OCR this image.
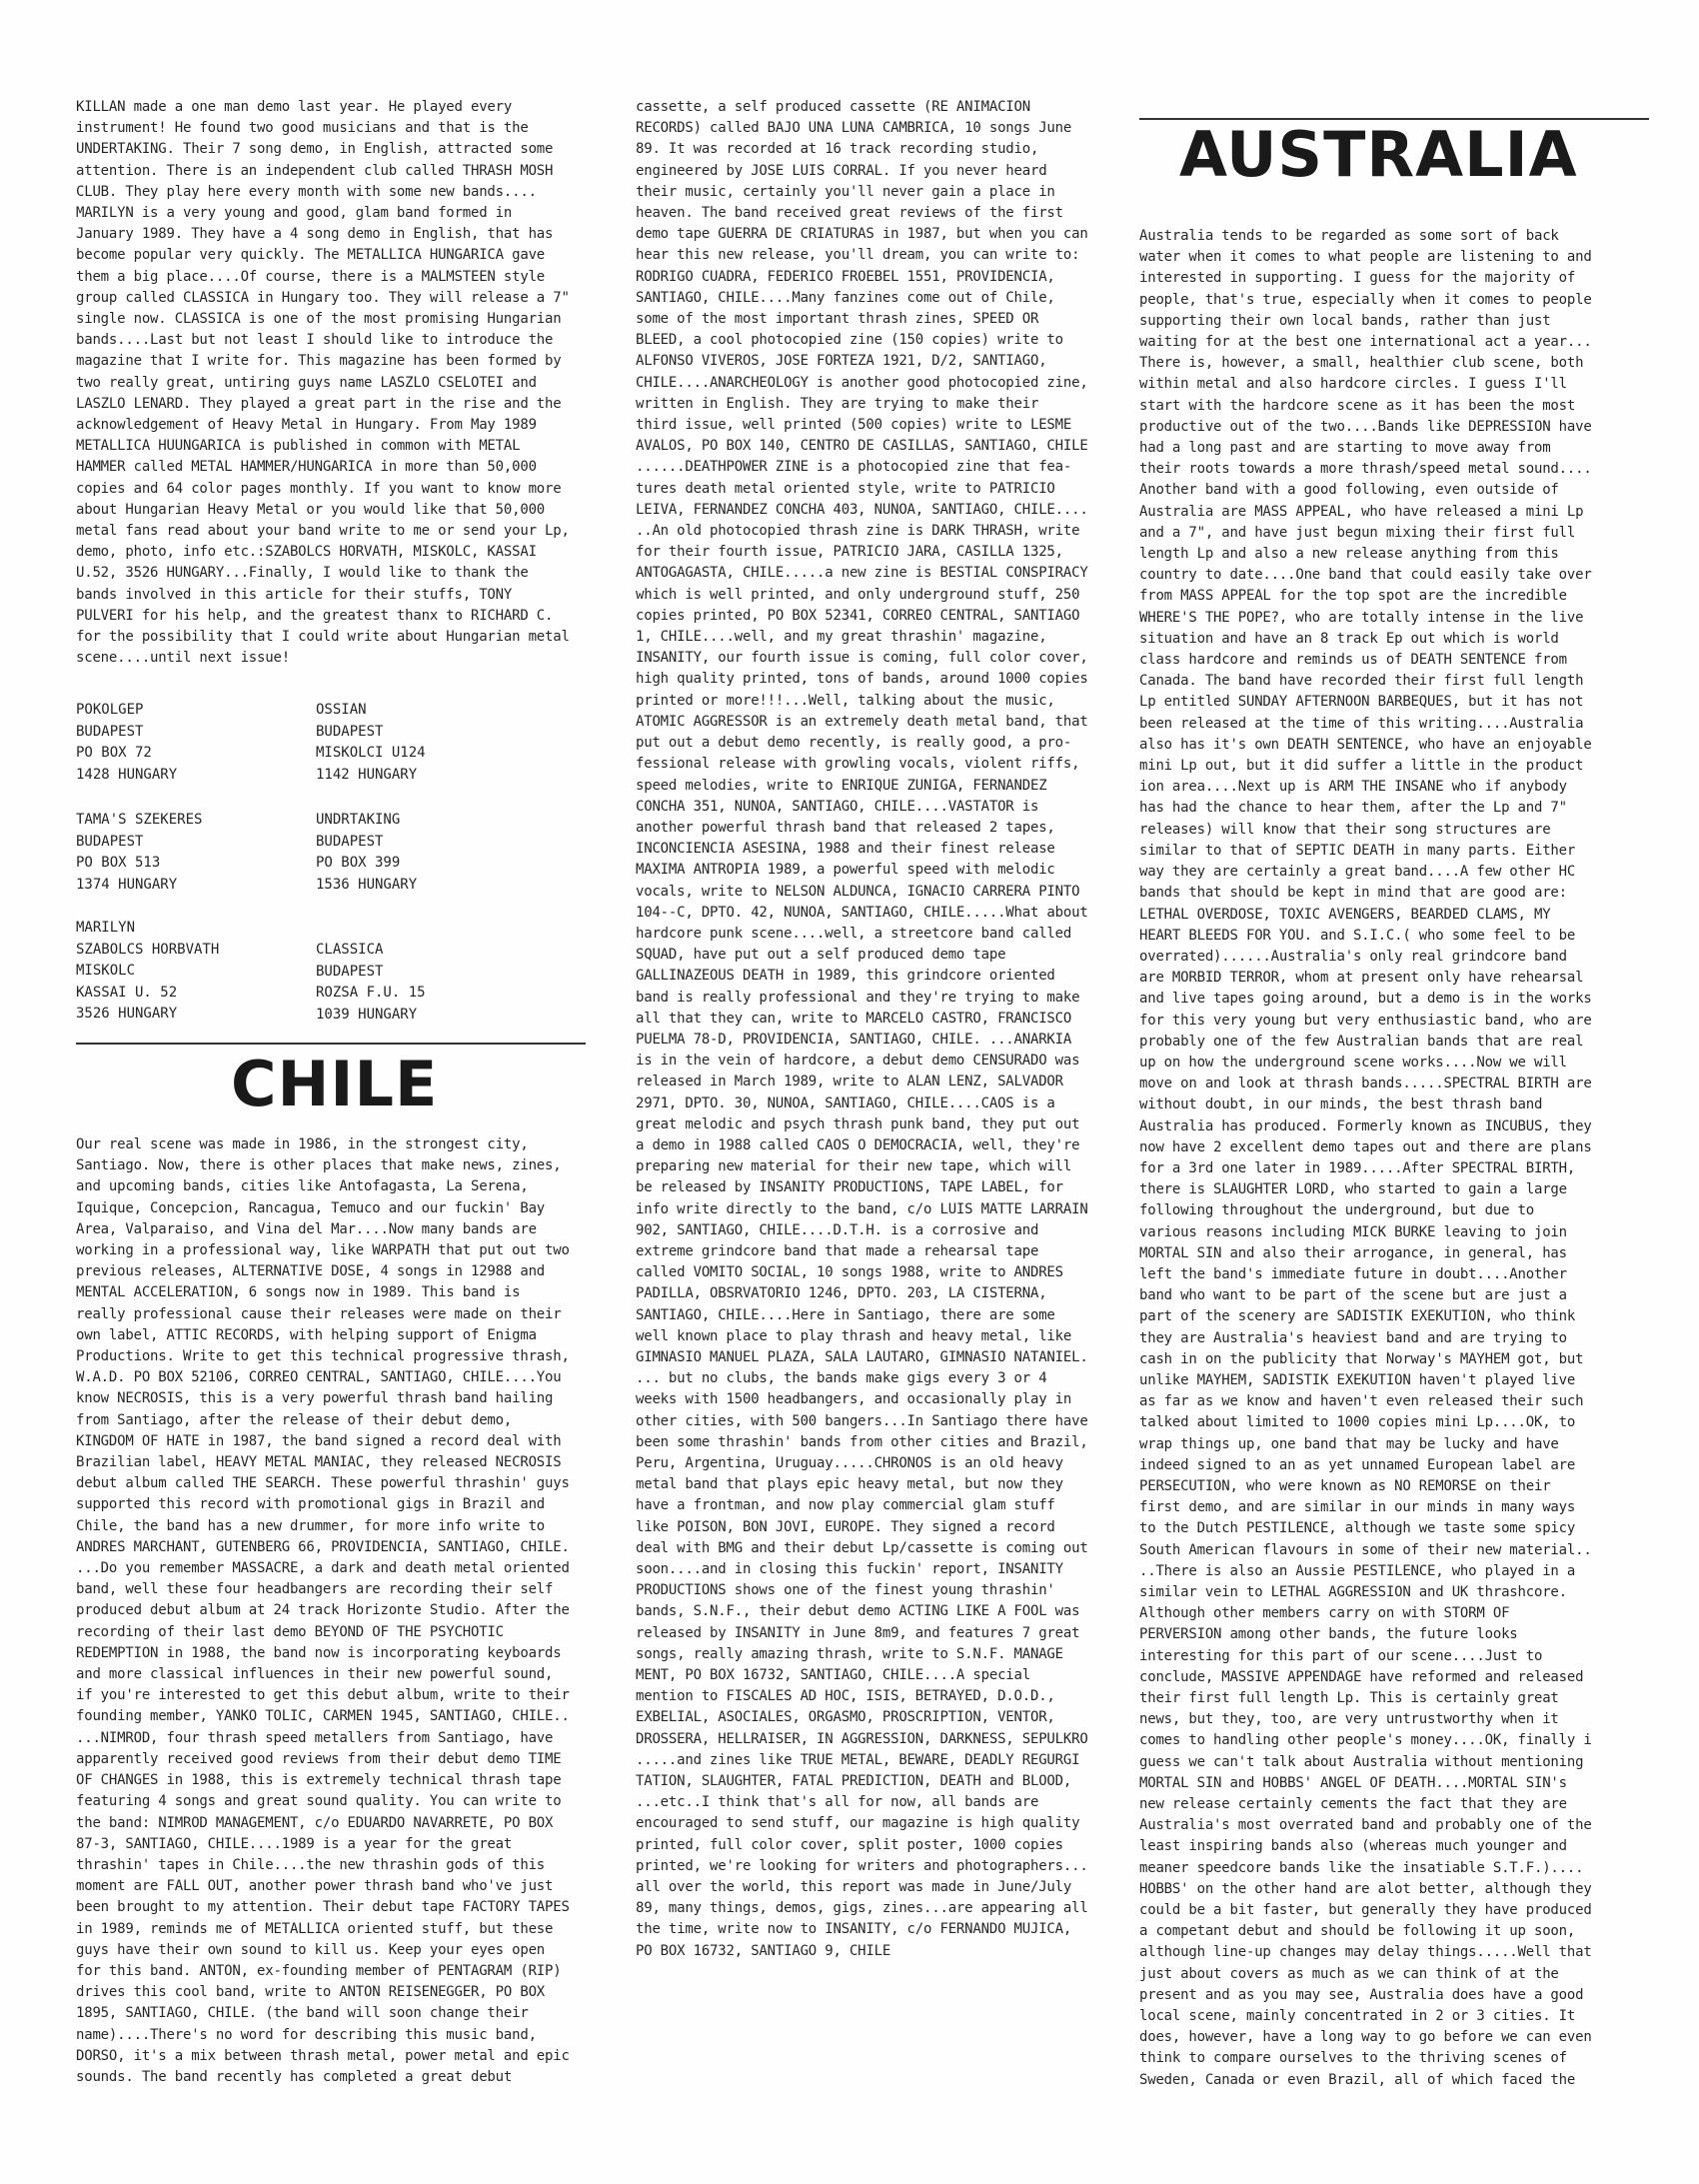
KILLAN made a one man demo last year. He played every
instrument! He found two good musicians and that is the
UNDERTAKING. Their 7 song demo, in English, attracted some
attention. There is an independent club called THRASH MOSH
CLUB. They play here every month with some new bands....
MARILYN is a very young and good, glam band formed in
January 1989. They have a 4 song demo in English, that has
become popular very quickly. The METALLICA HUNGARICA gave
them a big place....Of course, there is a MALMSTEEN style
group called CLASSICA in Hungary too. They will release a 7"
single now. CLASSICA is one of the most promising Hungarian
bands....Last but not least I should like to introduce the
magazine that I write for. This magazine has been formed by
two really great, untiring guys name LASZLO CSELOTEI and
LASZLO LENARD. They played a great part in the rise and the
acknowledgement of Heavy Metal in Hungary. From May 1989
METALLICA HUUNGARICA is published in common with METAL
HAMMER called METAL HAMMER/HUNGARICA in more than 50,000
copies and 64 color pages monthly. If you want to know more
about Hungarian Heavy Metal or you would like that 50,000
metal fans read about your band write to me or send your Lp,
demo, photo, info etc.:SZABOLCS HORVATH, MISKOLC, KASSAI
U.52, 3526 HUNGARY...Finally, I would like to thank the
bands involved in this article for their stuffs, TONY
PULVERI for his help, and the greatest thanx to RICHARD C.
for the possibility that I could write about Hungarian metal
scene....until next issue!

POKOLGEP
BUDAPEST
PO BOX 72
1428 HUNGARY
OSSIAN
BUDAPEST
MISKOLCI U124
1142 HUNGARY
TAMA'S SZEKERES
BUDAPEST
PO BOX 513
1374 HUNGARY
UNDRTAKING
BUDAPEST
PO BOX 399
1536 HUNGARY
MARILYN
SZABOLCS HORBVATH
MISKOLC
KASSAI U. 52
3526 HUNGARY
CLASSICA
BUDAPEST
ROZSA F.U. 15
1039 HUNGARY
CHILE

Our real scene was made in 1986, in the strongest city,
Santiago. Now, there is other places that make news, zines,
and upcoming bands, cities like Antofagasta, La Serena,
Iquique, Concepcion, Rancagua, Temuco and our fuckin' Bay
Area, Valparaiso, and Vina del Mar....Now many bands are
working in a professional way, like WARPATH that put out two
previous releases, ALTERNATIVE DOSE, 4 songs in 12988 and
MENTAL ACCELERATION, 6 songs now in 1989. This band is
really professional cause their releases were made on their
own label, ATTIC RECORDS, with helping support of Enigma
Productions. Write to get this technical progressive thrash,
W.A.D. PO BOX 52106, CORREO CENTRAL, SANTIAGO, CHILE....You
know NECROSIS, this is a very powerful thrash band hailing
from Santiago, after the release of their debut demo,
KINGDOM OF HATE in 1987, the band signed a record deal with
Brazilian label, HEAVY METAL MANIAC, they released NECROSIS
debut album called THE SEARCH. These powerful thrashin' guys
supported this record with promotional gigs in Brazil and
Chile, the band has a new drummer, for more info write to
ANDRES MARCHANT, GUTENBERG 66, PROVIDENCIA, SANTIAGO, CHILE.
...Do you remember MASSACRE, a dark and death metal oriented
band, well these four headbangers are recording their self
produced debut album at 24 track Horizonte Studio. After the
recording of their last demo BEYOND OF THE PSYCHOTIC
REDEMPTION in 1988, the band now is incorporating keyboards
and more classical influences in their new powerful sound,
if you're interested to get this debut album, write to their
founding member, YANKO TOLIC, CARMEN 1945, SANTIAGO, CHILE..
...NIMROD, four thrash speed metallers from Santiago, have
apparently received good reviews from their debut demo TIME
OF CHANGES in 1988, this is extremely technical thrash tape
featuring 4 songs and great sound quality. You can write to
the band: NIMROD MANAGEMENT, c/o EDUARDO NAVARRETE, PO BOX
87-3, SANTIAGO, CHILE....1989 is a year for the great
thrashin' tapes in Chile....the new thrashin gods of this
moment are FALL OUT, another power thrash band who've just
been brought to my attention. Their debut tape FACTORY TAPES
in 1989, reminds me of METALLICA oriented stuff, but these
guys have their own sound to kill us. Keep your eyes open
for this band. ANTON, ex-founding member of PENTAGRAM (RIP)
drives this cool band, write to ANTON REISENEGGER, PO BOX
1895, SANTIAGO, CHILE. (the band will soon change their
name)....There's no word for describing this music band,
DORSO, it's a mix between thrash metal, power metal and epic
sounds. The band recently has completed a great debut

cassette, a self produced cassette (RE ANIMACION
RECORDS) called BAJO UNA LUNA CAMBRICA, 10 songs June
89. It was recorded at 16 track recording studio,
engineered by JOSE LUIS CORRAL. If you never heard
their music, certainly you'll never gain a place in
heaven. The band received great reviews of the first
demo tape GUERRA DE CRIATURAS in 1987, but when you can
hear this new release, you'll dream, you can write to:
RODRIGO CUADRA, FEDERICO FROEBEL 1551, PROVIDENCIA,
SANTIAGO, CHILE....Many fanzines come out of Chile,
some of the most important thrash zines, SPEED OR
BLEED, a cool photocopied zine (150 copies) write to
ALFONSO VIVEROS, JOSE FORTEZA 1921, D/2, SANTIAGO,
CHILE....ANARCHEOLOGY is another good photocopied zine,
written in English. They are trying to make their
third issue, well printed (500 copies) write to LESME
AVALOS, PO BOX 140, CENTRO DE CASILLAS, SANTIAGO, CHILE
......DEATHPOWER ZINE is a photocopied zine that fea-
tures death metal oriented style, write to PATRICIO
LEIVA, FERNANDEZ CONCHA 403, NUNOA, SANTIAGO, CHILE....
..An old photocopied thrash zine is DARK THRASH, write
for their fourth issue, PATRICIO JARA, CASILLA 1325,
ANTOGAGASTA, CHILE.....a new zine is BESTIAL CONSPIRACY
which is well printed, and only underground stuff, 250
copies printed, PO BOX 52341, CORREO CENTRAL, SANTIAGO
1, CHILE....well, and my great thrashin' magazine,
INSANITY, our fourth issue is coming, full color cover,
high quality printed, tons of bands, around 1000 copies
printed or more!!!...Well, talking about the music,
ATOMIC AGGRESSOR is an extremely death metal band, that
put out a debut demo recently, is really good, a pro-
fessional release with growling vocals, violent riffs,
speed melodies, write to ENRIQUE ZUNIGA, FERNANDEZ
CONCHA 351, NUNOA, SANTIAGO, CHILE....VASTATOR is
another powerful thrash band that released 2 tapes,
INCONCIENCIA ASESINA, 1988 and their finest release
MAXIMA ANTROPIA 1989, a powerful speed with melodic
vocals, write to NELSON ALDUNCA, IGNACIO CARRERA PINTO
104--C, DPTO. 42, NUNOA, SANTIAGO, CHILE.....What about
hardcore punk scene....well, a streetcore band called
SQUAD, have put out a self produced demo tape
GALLINAZEOUS DEATH in 1989, this grindcore oriented
band is really professional and they're trying to make
all that they can, write to MARCELO CASTRO, FRANCISCO
PUELMA 78-D, PROVIDENCIA, SANTIAGO, CHILE. ...ANARKIA
is in the vein of hardcore, a debut demo CENSURADO was
released in March 1989, write to ALAN LENZ, SALVADOR
2971, DPTO. 30, NUNOA, SANTIAGO, CHILE....CAOS is a
great melodic and psych thrash punk band, they put out
a demo in 1988 called CAOS O DEMOCRACIA, well, they're
preparing new material for their new tape, which will
be released by INSANITY PRODUCTIONS, TAPE LABEL, for
info write directly to the band, c/o LUIS MATTE LARRAIN
902, SANTIAGO, CHILE....D.T.H. is a corrosive and
extreme grindcore band that made a rehearsal tape
called VOMITO SOCIAL, 10 songs 1988, write to ANDRES
PADILLA, OBSRVATORIO 1246, DPTO. 203, LA CISTERNA,
SANTIAGO, CHILE....Here in Santiago, there are some
well known place to play thrash and heavy metal, like
GIMNASIO MANUEL PLAZA, SALA LAUTARO, GIMNASIO NATANIEL.
... but no clubs, the bands make gigs every 3 or 4
weeks with 1500 headbangers, and occasionally play in
other cities, with 500 bangers...In Santiago there have
been some thrashin' bands from other cities and Brazil,
Peru, Argentina, Uruguay.....CHRONOS is an old heavy
metal band that plays epic heavy metal, but now they
have a frontman, and now play commercial glam stuff
like POISON, BON JOVI, EUROPE. They signed a record
deal with BMG and their debut Lp/cassette is coming out
soon....and in closing this fuckin' report, INSANITY
PRODUCTIONS shows one of the finest young thrashin'
bands, S.N.F., their debut demo ACTING LIKE A FOOL was
released by INSANITY in June 8m9, and features 7 great
songs, really amazing thrash, write to S.N.F. MANAGE
MENT, PO BOX 16732, SANTIAGO, CHILE....A special
mention to FISCALES AD HOC, ISIS, BETRAYED, D.O.D.,
EXBELIAL, ASOCIALES, ORGASMO, PROSCRIPTION, VENTOR,
DROSSERA, HELLRAISER, IN AGGRESSION, DARKNESS, SEPULKRO
.....and zines like TRUE METAL, BEWARE, DEADLY REGURGI
TATION, SLAUGHTER, FATAL PREDICTION, DEATH and BLOOD,
...etc..I think that's all for now, all bands are
encouraged to send stuff, our magazine is high quality
printed, full color cover, split poster, 1000 copies
printed, we're looking for writers and photographers...
all over the world, this report was made in June/July
89, many things, demos, gigs, zines...are appearing all
the time, write now to INSANITY, c/o FERNANDO MUJICA,
PO BOX 16732, SANTIAGO 9, CHILE

AUSTRALIA

Australia tends to be regarded as some sort of back
water when it comes to what people are listening to and
interested in supporting. I guess for the majority of
people, that's true, especially when it comes to people
supporting their own local bands, rather than just
waiting for at the best one international act a year...
There is, however, a small, healthier club scene, both
within metal and also hardcore circles. I guess I'll
start with the hardcore scene as it has been the most
productive out of the two....Bands like DEPRESSION have
had a long past and are starting to move away from
their roots towards a more thrash/speed metal sound....
Another band with a good following, even outside of
Australia are MASS APPEAL, who have released a mini Lp
and a 7", and have just begun mixing their first full
length Lp and also a new release anything from this
country to date....One band that could easily take over
from MASS APPEAL for the top spot are the incredible
WHERE'S THE POPE?, who are totally intense in the live
situation and have an 8 track Ep out which is world
class hardcore and reminds us of DEATH SENTENCE from
Canada. The band have recorded their first full length
Lp entitled SUNDAY AFTERNOON BARBEQUES, but it has not
been released at the time of this writing....Australia
also has it's own DEATH SENTENCE, who have an enjoyable
mini Lp out, but it did suffer a little in the product
ion area....Next up is ARM THE INSANE who if anybody
has had the chance to hear them, after the Lp and 7"
releases) will know that their song structures are
similar to that of SEPTIC DEATH in many parts. Either
way they are certainly a great band....A few other HC
bands that should be kept in mind that are good are:
LETHAL OVERDOSE, TOXIC AVENGERS, BEARDED CLAMS, MY
HEART BLEEDS FOR YOU. and S.I.C.( who some feel to be
overrated)......Australia's only real grindcore band
are MORBID TERROR, whom at present only have rehearsal
and live tapes going around, but a demo is in the works
for this very young but very enthusiastic band, who are
probably one of the few Australian bands that are real
up on how the underground scene works....Now we will
move on and look at thrash bands.....SPECTRAL BIRTH are
without doubt, in our minds, the best thrash band
Australia has produced. Formerly known as INCUBUS, they
now have 2 excellent demo tapes out and there are plans
for a 3rd one later in 1989.....After SPECTRAL BIRTH,
there is SLAUGHTER LORD, who started to gain a large
following throughout the underground, but due to
various reasons including MICK BURKE leaving to join
MORTAL SIN and also their arrogance, in general, has
left the band's immediate future in doubt....Another
band who want to be part of the scene but are just a
part of the scenery are SADISTIK EXEKUTION, who think
they are Australia's heaviest band and are trying to
cash in on the publicity that Norway's MAYHEM got, but
unlike MAYHEM, SADISTIK EXEKUTION haven't played live
as far as we know and haven't even released their such
talked about limited to 1000 copies mini Lp....OK, to
wrap things up, one band that may be lucky and have
indeed signed to an as yet unnamed European label are
PERSECUTION, who were known as NO REMORSE on their
first demo, and are similar in our minds in many ways
to the Dutch PESTILENCE, although we taste some spicy
South American flavours in some of their new material..
..There is also an Aussie PESTILENCE, who played in a
similar vein to LETHAL AGGRESSION and UK thrashcore.
Although other members carry on with STORM OF
PERVERSION among other bands, the future looks
interesting for this part of our scene....Just to
conclude, MASSIVE APPENDAGE have reformed and released
their first full length Lp. This is certainly great
news, but they, too, are very untrustworthy when it
comes to handling other people's money....OK, finally i
guess we can't talk about Australia without mentioning
MORTAL SIN and HOBBS' ANGEL OF DEATH....MORTAL SIN's
new release certainly cements the fact that they are
Australia's most overrated band and probably one of the
least inspiring bands also (whereas much younger and
meaner speedcore bands like the insatiable S.T.F.)....
HOBBS' on the other hand are alot better, although they
could be a bit faster, but generally they have produced
a competant debut and should be following it up soon,
although line-up changes may delay things.....Well that
just about covers as much as we can think of at the
present and as you may see, Australia does have a good
local scene, mainly concentrated in 2 or 3 cities. It
does, however, have a long way to go before we can even
think to compare ourselves to the thriving scenes of
Sweden, Canada or even Brazil, all of which faced the
